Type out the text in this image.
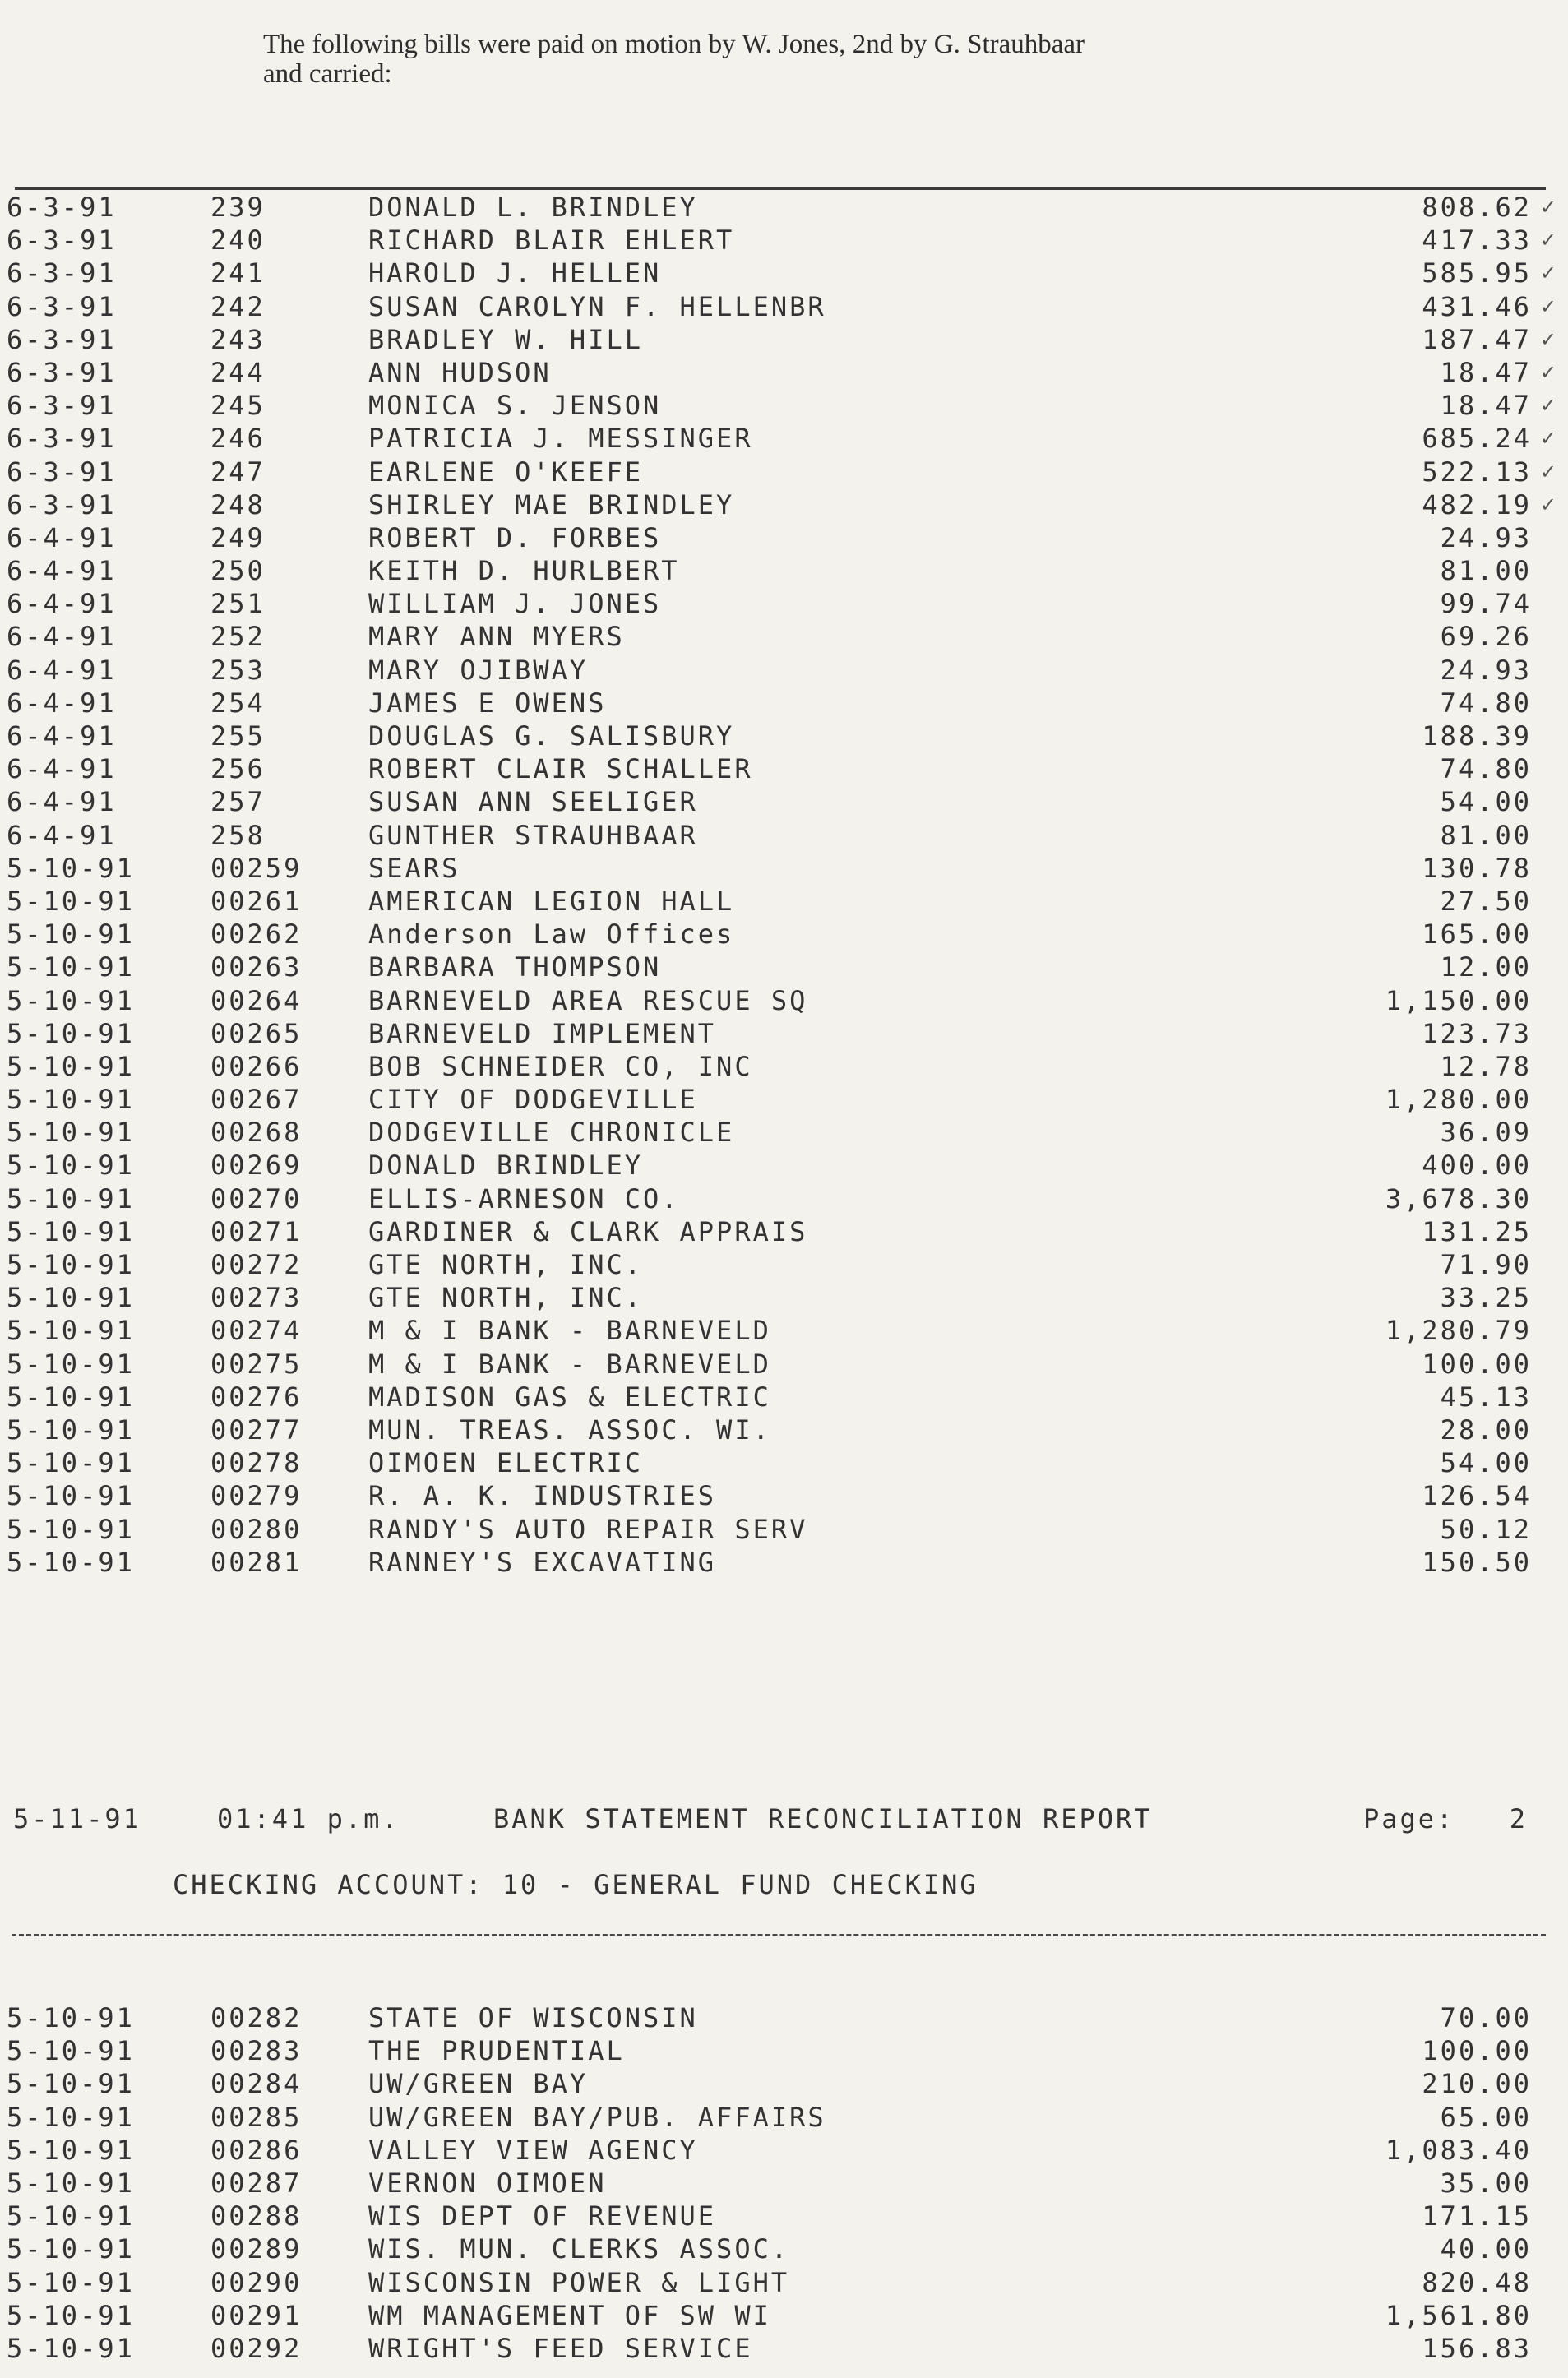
The following bills were paid on motion by W. Jones, 2nd by G. Strauhbaar
and carried:
6-3-91	239	DONALD L. BRINDLEY	808.62 ✓
6-3-91	240	RICHARD BLAIR EHLERT	417.33 ✓
6-3-91	241	HAROLD J. HELLEN	585.95 ✓
6-3-91	242	SUSAN CAROLYN F. HELLENBR	431.46 ✓
6-3-91	243	BRADLEY W. HILL	187.47 ✓
6-3-91	244	ANN HUDSON	18.47 ✓
6-3-91	245	MONICA S. JENSON	18.47 ✓
6-3-91	246	PATRICIA J. MESSINGER	685.24 ✓
6-3-91	247	EARLENE O'KEEFE	522.13 ✓
6-3-91	248	SHIRLEY MAE BRINDLEY	482.19 ✓
6-4-91	249	ROBERT D. FORBES	24.93
6-4-91	250	KEITH D. HURLBERT	81.00
6-4-91	251	WILLIAM J. JONES	99.74
6-4-91	252	MARY ANN MYERS	69.26
6-4-91	253	MARY OJIBWAY	24.93
6-4-91	254	JAMES E OWENS	74.80
6-4-91	255	DOUGLAS G. SALISBURY	188.39
6-4-91	256	ROBERT CLAIR SCHALLER	74.80
6-4-91	257	SUSAN ANN SEELIGER	54.00
6-4-91	258	GUNTHER STRAUHBAAR	81.00
5-10-91	00259	SEARS	130.78
5-10-91	00261	AMERICAN LEGION HALL	27.50
5-10-91	00262	Anderson Law Offices	165.00
5-10-91	00263	BARBARA THOMPSON	12.00
5-10-91	00264	BARNEVELD AREA RESCUE SQ	1,150.00
5-10-91	00265	BARNEVELD IMPLEMENT	123.73
5-10-91	00266	BOB SCHNEIDER CO, INC	12.78
5-10-91	00267	CITY OF DODGEVILLE	1,280.00
5-10-91	00268	DODGEVILLE CHRONICLE	36.09
5-10-91	00269	DONALD BRINDLEY	400.00
5-10-91	00270	ELLIS-ARNESON CO.	3,678.30
5-10-91	00271	GARDINER & CLARK APPRAIS	131.25
5-10-91	00272	GTE NORTH, INC.	71.90
5-10-91	00273	GTE NORTH, INC.	33.25
5-10-91	00274	M & I BANK - BARNEVELD	1,280.79
5-10-91	00275	M & I BANK - BARNEVELD	100.00
5-10-91	00276	MADISON GAS & ELECTRIC	45.13
5-10-91	00277	MUN. TREAS. ASSOC. WI.	28.00
5-10-91	00278	OIMOEN ELECTRIC	54.00
5-10-91	00279	R. A. K. INDUSTRIES	126.54
5-10-91	00280	RANDY'S AUTO REPAIR SERV	50.12
5-10-91	00281	RANNEY'S EXCAVATING	150.50
5-11-91	01:41 p.m.	BANK STATEMENT RECONCILIATION REPORT	Page: 2
CHECKING ACCOUNT: 10 - GENERAL FUND CHECKING
5-10-91	00282	STATE OF WISCONSIN	70.00
5-10-91	00283	THE PRUDENTIAL	100.00
5-10-91	00284	UW/GREEN BAY	210.00
5-10-91	00285	UW/GREEN BAY/PUB. AFFAIRS	65.00
5-10-91	00286	VALLEY VIEW AGENCY	1,083.40
5-10-91	00287	VERNON OIMOEN	35.00
5-10-91	00288	WIS DEPT OF REVENUE	171.15
5-10-91	00289	WIS. MUN. CLERKS ASSOC.	40.00
5-10-91	00290	WISCONSIN POWER & LIGHT	820.48
5-10-91	00291	WM MANAGEMENT OF SW WI	1,561.80
5-10-91	00292	WRIGHT'S FEED SERVICE	156.83
